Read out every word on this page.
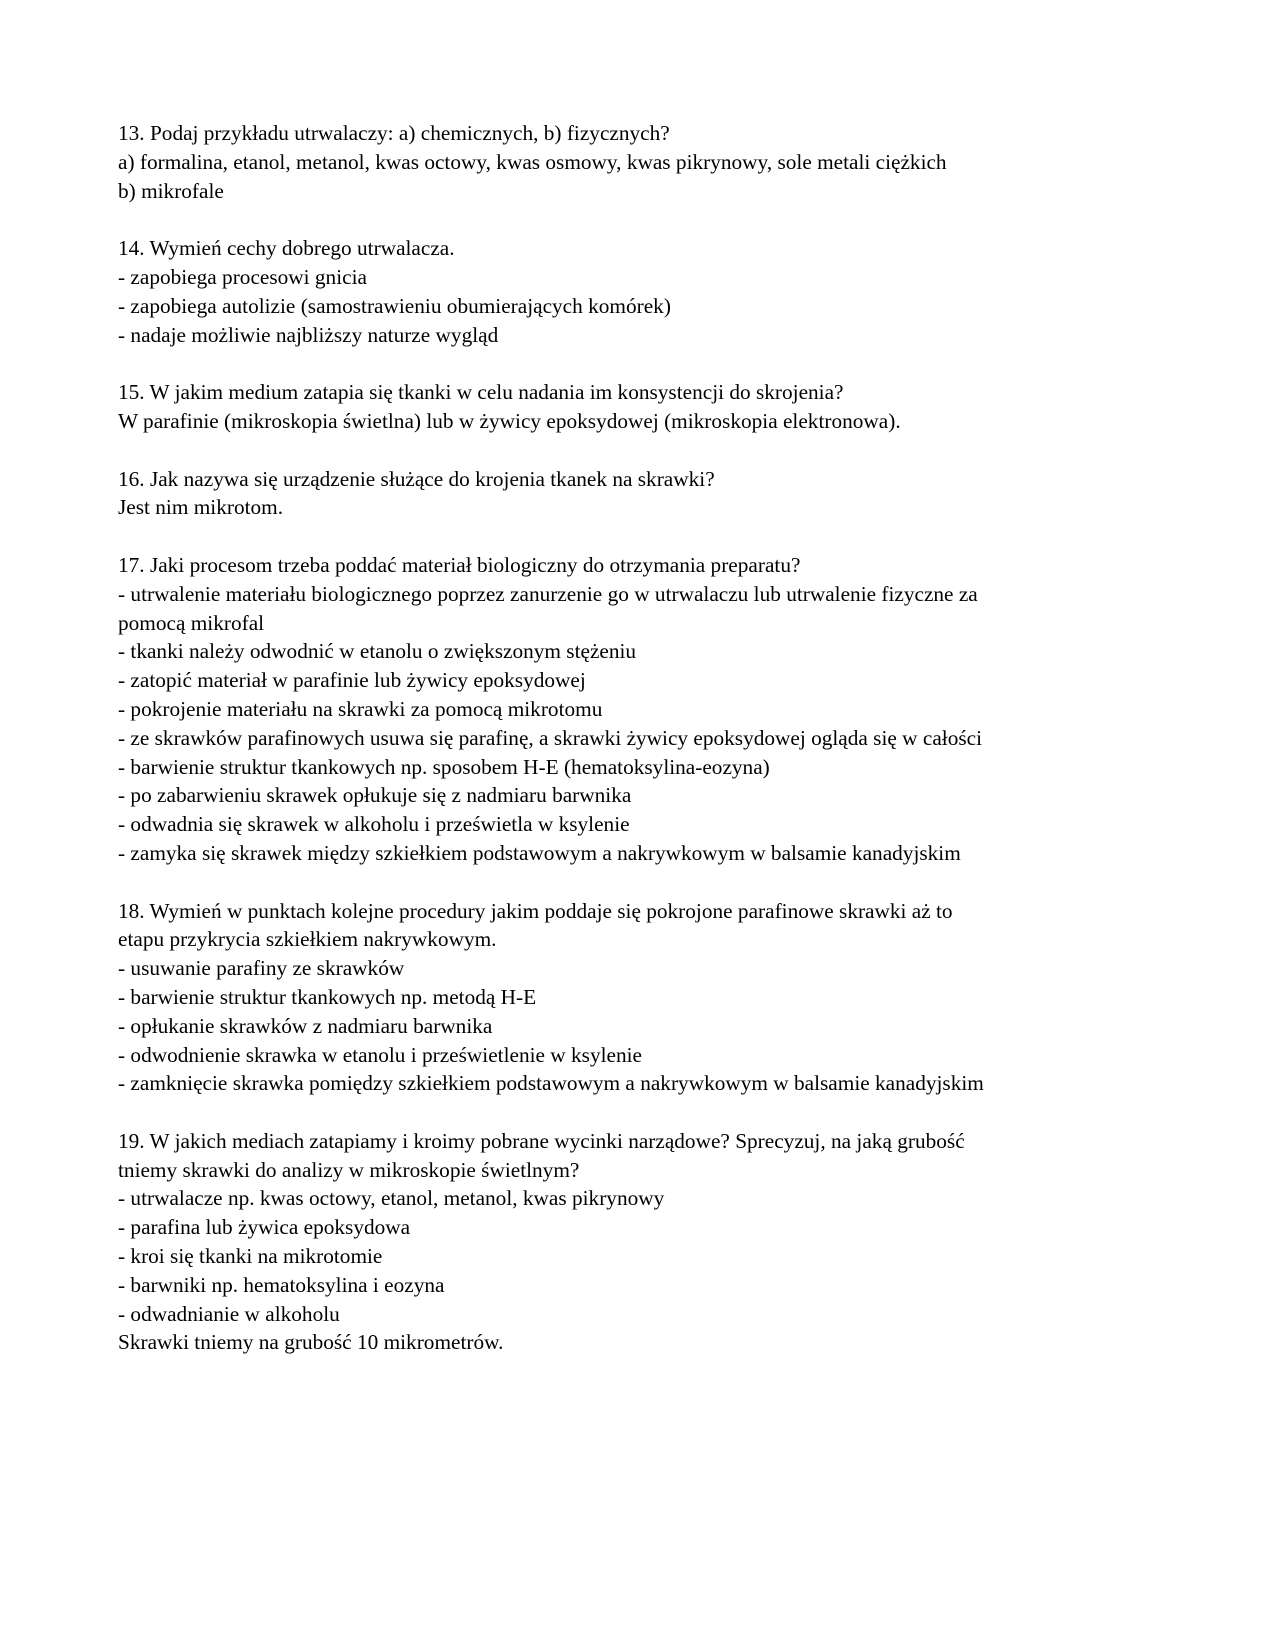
13. Podaj przykładu utrwalaczy: a) chemicznych, b) fizycznych?
a) formalina, etanol, metanol, kwas octowy, kwas osmowy, kwas pikrynowy, sole metali ciężkich
b) mikrofale
14. Wymień cechy dobrego utrwalacza.
- zapobiega procesowi gnicia
- zapobiega autolizie (samostrawieniu obumierających komórek)
- nadaje możliwie najbliższy naturze wygląd
15. W jakim medium zatapia się tkanki w celu nadania im konsystencji do skrojenia?
W parafinie (mikroskopia świetlna) lub w żywicy epoksydowej (mikroskopia elektronowa).
16. Jak nazywa się urządzenie służące do krojenia tkanek na skrawki?
Jest nim mikrotom.
17. Jaki procesom trzeba poddać materiał biologiczny do otrzymania preparatu?
- utrwalenie materiału biologicznego poprzez zanurzenie go w utrwalaczu lub utrwalenie fizyczne za
pomocą mikrofal
- tkanki należy odwodnić w etanolu o zwiększonym stężeniu
- zatopić materiał w parafinie lub żywicy epoksydowej
- pokrojenie materiału na skrawki za pomocą mikrotomu
- ze skrawków parafinowych usuwa się parafinę, a skrawki żywicy epoksydowej ogląda się w całości
- barwienie struktur tkankowych np. sposobem H-E (hematoksylina-eozyna)
- po zabarwieniu skrawek opłukuje się z nadmiaru barwnika
- odwadnia się skrawek w alkoholu i prześwietla w ksylenie
- zamyka się skrawek między szkiełkiem podstawowym a nakrywkowym w balsamie kanadyjskim
18. Wymień w punktach kolejne procedury jakim poddaje się pokrojone parafinowe skrawki aż to
etapu przykrycia szkiełkiem nakrywkowym.
- usuwanie parafiny ze skrawków
- barwienie struktur tkankowych np. metodą H-E
- opłukanie skrawków z nadmiaru barwnika
- odwodnienie skrawka w etanolu i prześwietlenie w ksylenie
- zamknięcie skrawka pomiędzy szkiełkiem podstawowym a nakrywkowym w balsamie kanadyjskim
19. W jakich mediach zatapiamy i kroimy pobrane wycinki narządowe? Sprecyzuj, na jaką grubość
tniemy skrawki do analizy w mikroskopie świetlnym?
- utrwalacze np. kwas octowy, etanol, metanol, kwas pikrynowy
- parafina lub żywica epoksydowa
- kroi się tkanki na mikrotomie
- barwniki np. hematoksylina i eozyna
- odwadnianie w alkoholu
Skrawki tniemy na grubość 10 mikrometrów.
